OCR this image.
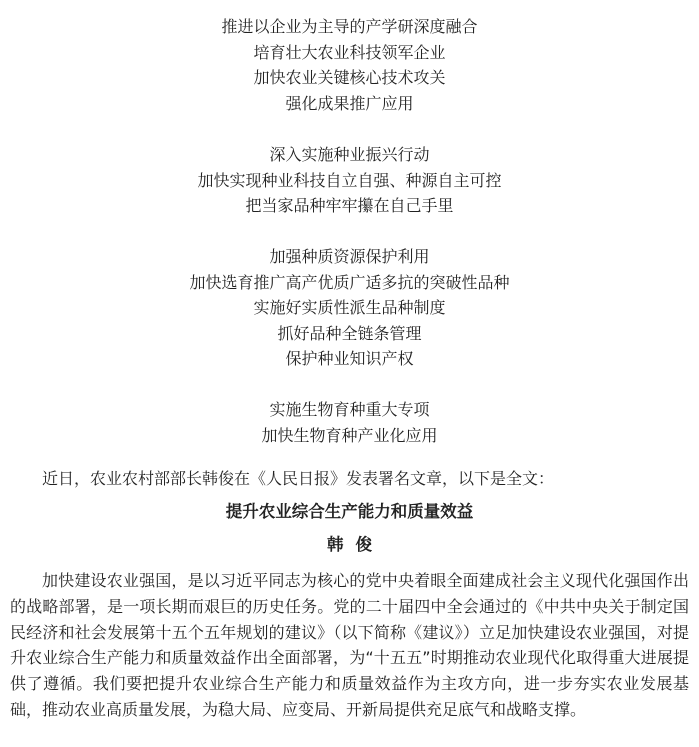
推进以企业为主导的产学研深度融合
培育壮大农业科技领军企业
加快农业关键核心技术攻关
强化成果推广应用
深入实施种业振兴行动
加快实现种业科技自立自强、种源自主可控
把当家品种牢牢攥在自己手里
加强种质资源保护利用
加快选育推广高产优质广适多抗的突破性品种
实施好实质性派生品种制度
抓好品种全链条管理
保护种业知识产权
实施生物育种重大专项
加快生物育种产业化应用
近日，农业农村部部长韩俊在《人民日报》发表署名文章，以下是全文：
提升农业综合生产能力和质量效益
韩俊

加快建设农业强国，是以习近平同志为核心的党中央着眼全面建成社会主义现代化强国作出的战略部署，是一项长期而艰巨的历史任务。党的二十届四中全会通过的《中共中央关于制定国民经济和社会发展第十五个五年规划的建议》（以下简称《建议》）立足加快建设农业强国，对提升农业综合生产能力和质量效益作出全面部署，为“十五五”时期推动农业现代化取得重大进展提供了遵循。我们要把提升农业综合生产能力和质量效益作为主攻方向，进一步夯实农业发展基础，推动农业高质量发展，为稳大局、应变局、开新局提供充足底气和战略支撑。
